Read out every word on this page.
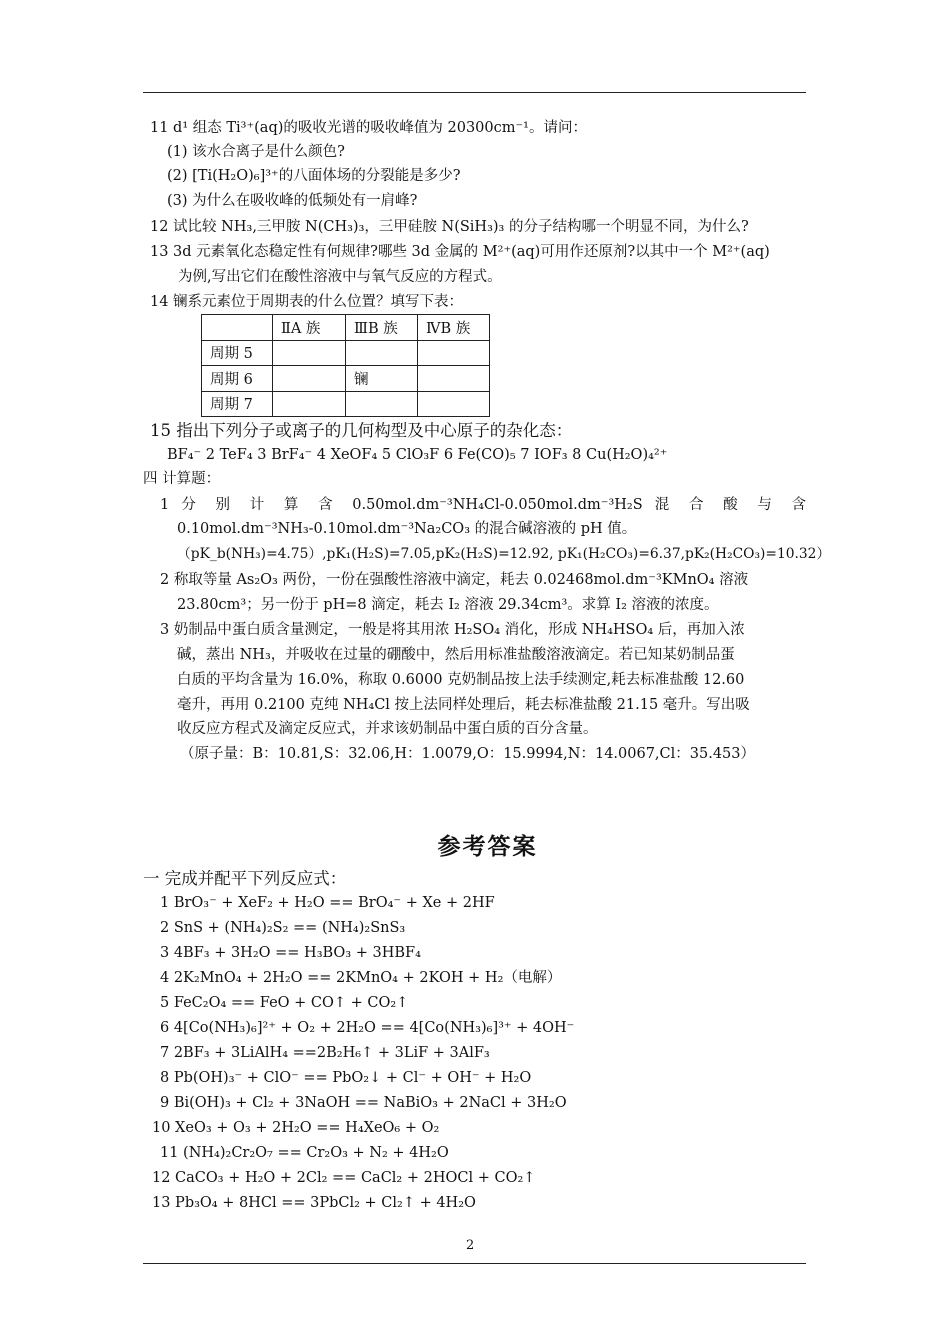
11 d¹ 组态 Ti³⁺(aq)的吸收光谱的吸收峰值为 20300cm⁻¹。请问：
(1) 该水合离子是什么颜色?
(2) [Ti(H₂O)₆]³⁺的八面体场的分裂能是多少?
(3) 为什么在吸收峰的低频处有一肩峰?
12 试比较 NH₃,三甲胺 N(CH₃)₃，三甲硅胺 N(SiH₃)₃ 的分子结构哪一个明显不同，为什么?
13 3d 元素氧化态稳定性有何规律?哪些 3d 金属的 M²⁺(aq)可用作还原剂?以其中一个 M²⁺(aq)
为例,写出它们在酸性溶液中与氧气反应的方程式。
14 镧系元素位于周期表的什么位置？填写下表：
	ⅡA 族	ⅢB 族	ⅣB 族
周期 5			
周期 6		镧	
周期 7			
15 指出下列分子或离子的几何构型及中心原子的杂化态：
BF₄⁻ 2 TeF₄ 3 BrF₄⁻ 4 XeOF₄ 5 ClO₃F 6 Fe(CO)₅ 7 IOF₃ 8 Cu(H₂O)₄²⁺
四 计算题：
1 分 别 计 算 含 0.50mol.dm⁻³NH₄Cl-0.050mol.dm⁻³H₂S 混 合 酸 与 含
0.10mol.dm⁻³NH₃-0.10mol.dm⁻³Na₂CO₃ 的混合碱溶液的 pH 值。
（pK_b(NH₃)=4.75）,pK₁(H₂S)=7.05,pK₂(H₂S)=12.92, pK₁(H₂CO₃)=6.37,pK₂(H₂CO₃)=10.32）
2 称取等量 As₂O₃ 两份，一份在强酸性溶液中滴定，耗去 0.02468mol.dm⁻³KMnO₄ 溶液
23.80cm³；另一份于 pH=8 滴定，耗去 I₂ 溶液 29.34cm³。求算 I₂ 溶液的浓度。
3 奶制品中蛋白质含量测定，一般是将其用浓 H₂SO₄ 消化，形成 NH₄HSO₄ 后，再加入浓
碱，蒸出 NH₃，并吸收在过量的硼酸中，然后用标准盐酸溶液滴定。若已知某奶制品蛋
白质的平均含量为 16.0%，称取 0.6000 克奶制品按上法手续测定,耗去标准盐酸 12.60
毫升，再用 0.2100 克纯 NH₄Cl 按上法同样处理后，耗去标准盐酸 21.15 毫升。写出吸
收反应方程式及滴定反应式，并求该奶制品中蛋白质的百分含量。
（原子量：B：10.81,S：32.06,H：1.0079,O：15.9994,N：14.0067,Cl：35.453）
参考答案
一 完成并配平下列反应式：
1 BrO₃⁻ + XeF₂ + H₂O == BrO₄⁻ + Xe + 2HF
2 SnS + (NH₄)₂S₂ == (NH₄)₂SnS₃
3 4BF₃ + 3H₂O == H₃BO₃ + 3HBF₄
4 2K₂MnO₄ + 2H₂O == 2KMnO₄ + 2KOH + H₂（电解）
5 FeC₂O₄ == FeO + CO↑ + CO₂↑
6 4[Co(NH₃)₆]²⁺ + O₂ + 2H₂O == 4[Co(NH₃)₆]³⁺ + 4OH⁻
7 2BF₃ + 3LiAlH₄ ==2B₂H₆↑ + 3LiF + 3AlF₃
8 Pb(OH)₃⁻ + ClO⁻ == PbO₂↓ + Cl⁻ + OH⁻ + H₂O
9 Bi(OH)₃ + Cl₂ + 3NaOH == NaBiO₃ + 2NaCl + 3H₂O
10 XeO₃ + O₃ + 2H₂O == H₄XeO₆ + O₂
11 (NH₄)₂Cr₂O₇ == Cr₂O₃ + N₂ + 4H₂O
12 CaCO₃ + H₂O + 2Cl₂ == CaCl₂ + 2HOCl + CO₂↑
13 Pb₃O₄ + 8HCl == 3PbCl₂ + Cl₂↑ + 4H₂O
2
